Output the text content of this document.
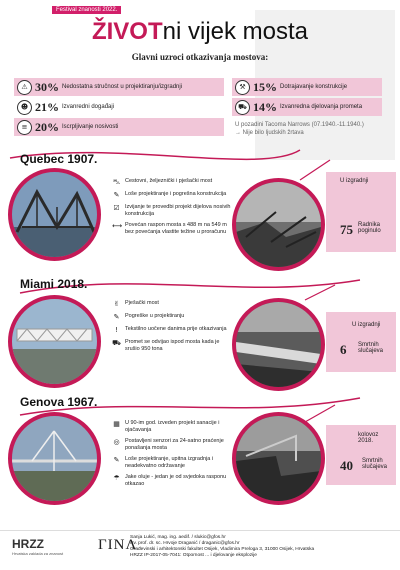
Festival znanosti 2022.
ŽIVOTni vijek mosta
Glavni uzroci otkazivanja mostova:
⚠ 30% Nedostatna stručnost u projektiranju/izgradnji
☻ 21% Izvanredni događaji
≡ 20% Iscrpljivanje nosivosti
⚒ 15% Dotrajavanje konstrukcije
⛟ 14% Izvanredna djelovanja prometa
U pozadini Tacoma Narrows (07.1940.-11.1940.)
→ Nije bilo ljudskih žrtava
Quebec 1907.
⛍ Cestovni, željeznički i pješački most
✎ Loše projektiranje i pogrešna konstrukcija
☑ Izvijanje te provedbi projekt dijelova nosivih konstrukcija
⟷ Povećan raspon mosta s 488 m na 549 m bez povećanja vlastite težine u proračunu
U izgradnji
75 Radnika poginulo
Miami 2018.
✌ Pješački most
✎ Pogreške u projektiranju
!	Tekstilno uočene danima prije otkazivanja
⛟ Promet se odvijao ispod mosta kada je srušio 950 tona
U izgradnji
6 Smrtnih slučajeva
Genova 1967.
▦ U 90-im god. izveden projekt sanacije i ojačavanja
◎ Postavljeni senzori za 24-satno praćenje ponašanja mosta
✎ Loše projektiranje, upitna izgradnja i neadekvatno održavanje
☂ Jake oluje - jedan je od svjedoka rasponu otkazao
kolovoz 2018.
40 Smrtnih slučajeva
HRZZ
Hrvatska zaklada za znanost
ΓΙΝΛ
Sanja Lukić, mag. ing. aedif. / slukic@gfos.hr
izv. prof. dr. sc. Hrvoje Draganić / draganic@gfos.hr
Građevinski i arhitektonski fakultet Osijek, Vladimira Preloga 3, 31000 Osijek, Hrvatska
HRZZ IP-2017-05-7041: Otpornost ... i djelovanje eksplozije
